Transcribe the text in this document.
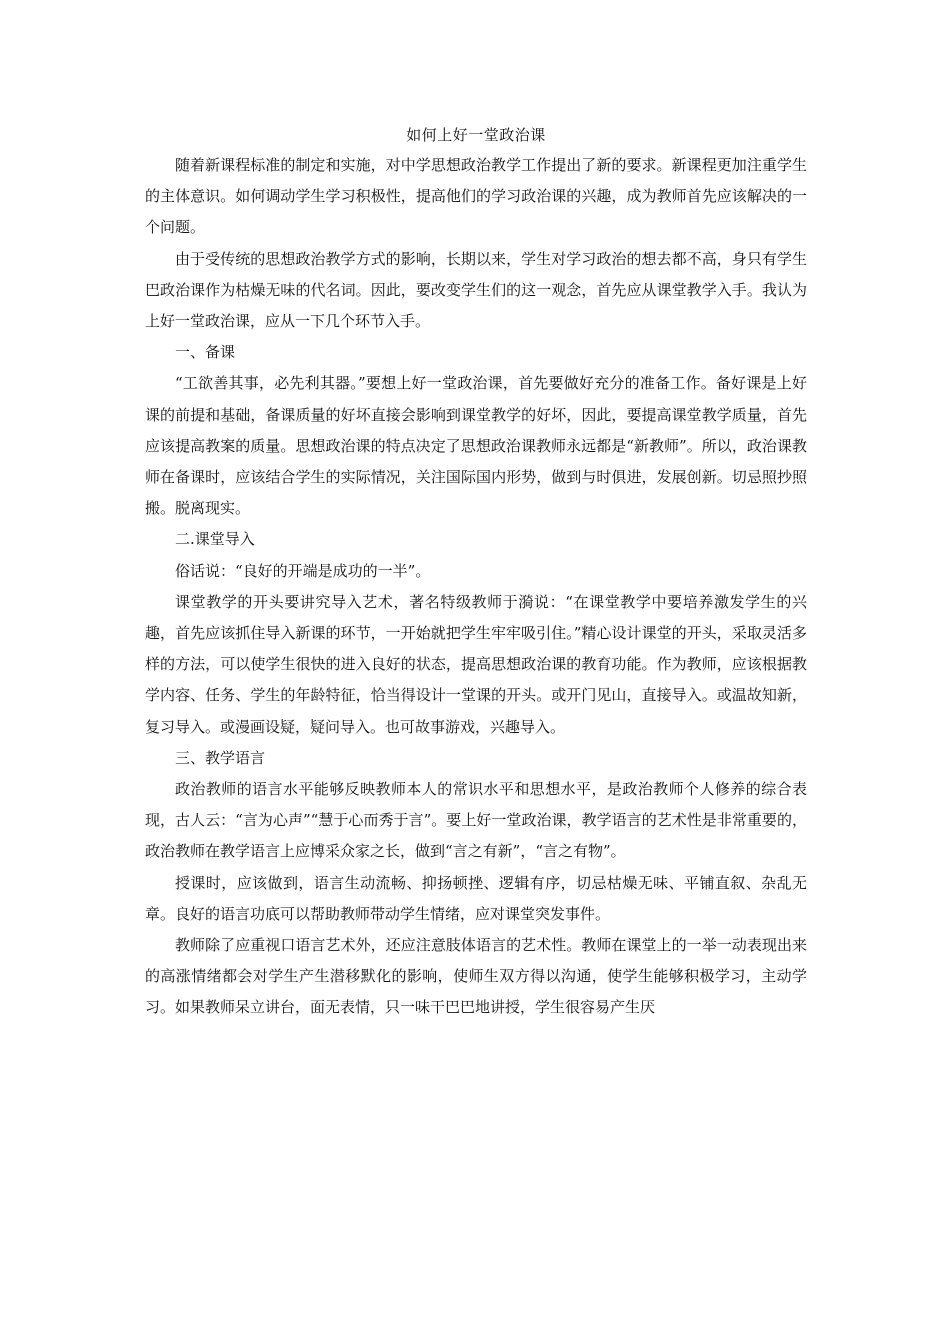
如何上好一堂政治课

随着新课程标准的制定和实施，对中学思想政治教学工作提出了新的要求。新课程更加注重学生的主体意识。如何调动学生学习积极性，提高他们的学习政治课的兴趣，成为教师首先应该解决的一个问题。

由于受传统的思想政治教学方式的影响，长期以来，学生对学习政治的想去都不高，身只有学生巴政治课作为枯燥无味的代名词。因此，要改变学生们的这一观念，首先应从课堂教学入手。我认为上好一堂政治课，应从一下几个环节入手。

一、备课

“工欲善其事，必先利其器。”要想上好一堂政治课，首先要做好充分的准备工作。备好课是上好课的前提和基础，备课质量的好坏直接会影响到课堂教学的好坏，因此，要提高课堂教学质量，首先应该提高教案的质量。思想政治课的特点决定了思想政治课教师永远都是“新教师”。所以，政治课教师在备课时，应该结合学生的实际情况，关注国际国内形势，做到与时俱进，发展创新。切忌照抄照搬。脱离现实。

二.课堂导入

俗话说：“良好的开端是成功的一半”。

课堂教学的开头要讲究导入艺术，著名特级教师于漪说：“在课堂教学中要培养激发学生的兴趣，首先应该抓住导入新课的环节，一开始就把学生牢牢吸引住。”精心设计课堂的开头，采取灵活多样的方法，可以使学生很快的进入良好的状态，提高思想政治课的教育功能。作为教师，应该根据教学内容、任务、学生的年龄特征，恰当得设计一堂课的开头。或开门见山，直接导入。或温故知新，复习导入。或漫画设疑，疑问导入。也可故事游戏，兴趣导入。

三、教学语言

政治教师的语言水平能够反映教师本人的常识水平和思想水平，是政治教师个人修养的综合表现，古人云：“言为心声”“慧于心而秀于言”。要上好一堂政治课，教学语言的艺术性是非常重要的，政治教师在教学语言上应博采众家之长，做到“言之有新”，“言之有物”。

授课时，应该做到，语言生动流畅、抑扬顿挫、逻辑有序，切忌枯燥无味、平铺直叙、杂乱无章。良好的语言功底可以帮助教师带动学生情绪，应对课堂突发事件。

教师除了应重视口语言艺术外，还应注意肢体语言的艺术性。教师在课堂上的一举一动表现出来的高涨情绪都会对学生产生潜移默化的影响，使师生双方得以沟通，使学生能够积极学习，主动学习。如果教师呆立讲台，面无表情，只一味干巴巴地讲授，学生很容易产生厌
